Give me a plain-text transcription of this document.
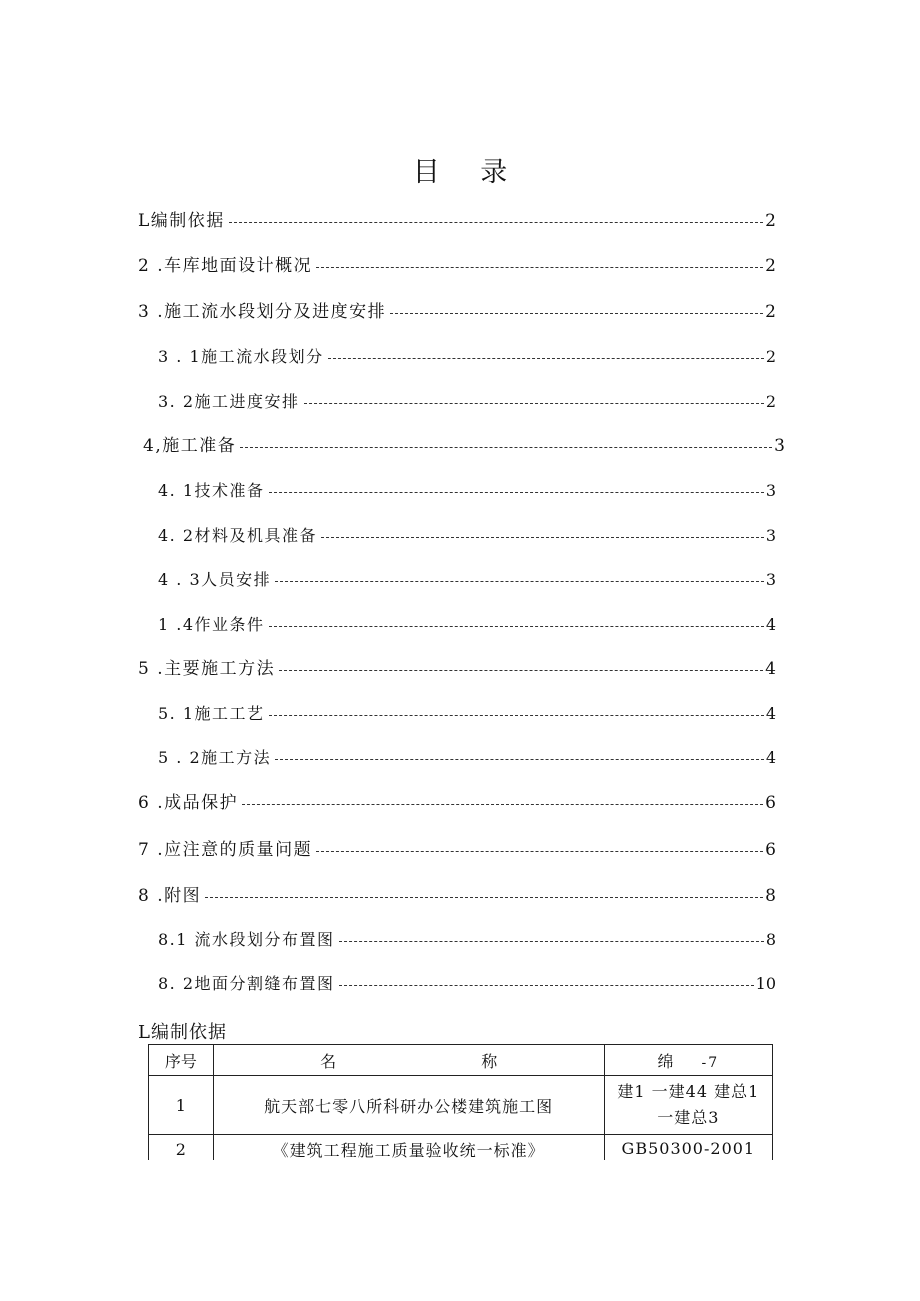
目 录
L编制依据	2
2 .车库地面设计概况	2
3 .施工流水段划分及进度安排	2
3 . 1施工流水段划分	2
3. 2施工进度安排	2
4,施工准备	3
4. 1技术准备	3
4. 2材料及机具准备	3
4 . 3人员安排	3
1 .4作业条件	4
5 .主要施工方法	4
5. 1施工工艺	4
5 . 2施工方法	4
6 .成品保护	6
7 .应注意的质量问题	6
8 .附图	8
8.1 流水段划分布置图	8
8. 2地面分割缝布置图	10
L编制依据
序号	名 称	绵 -7
1	航天部七零八所科研办公楼建筑施工图	建1 一建44 建总1
一建总3

2	《建筑工程施工质量验收统一标准》	GB50300-2001
